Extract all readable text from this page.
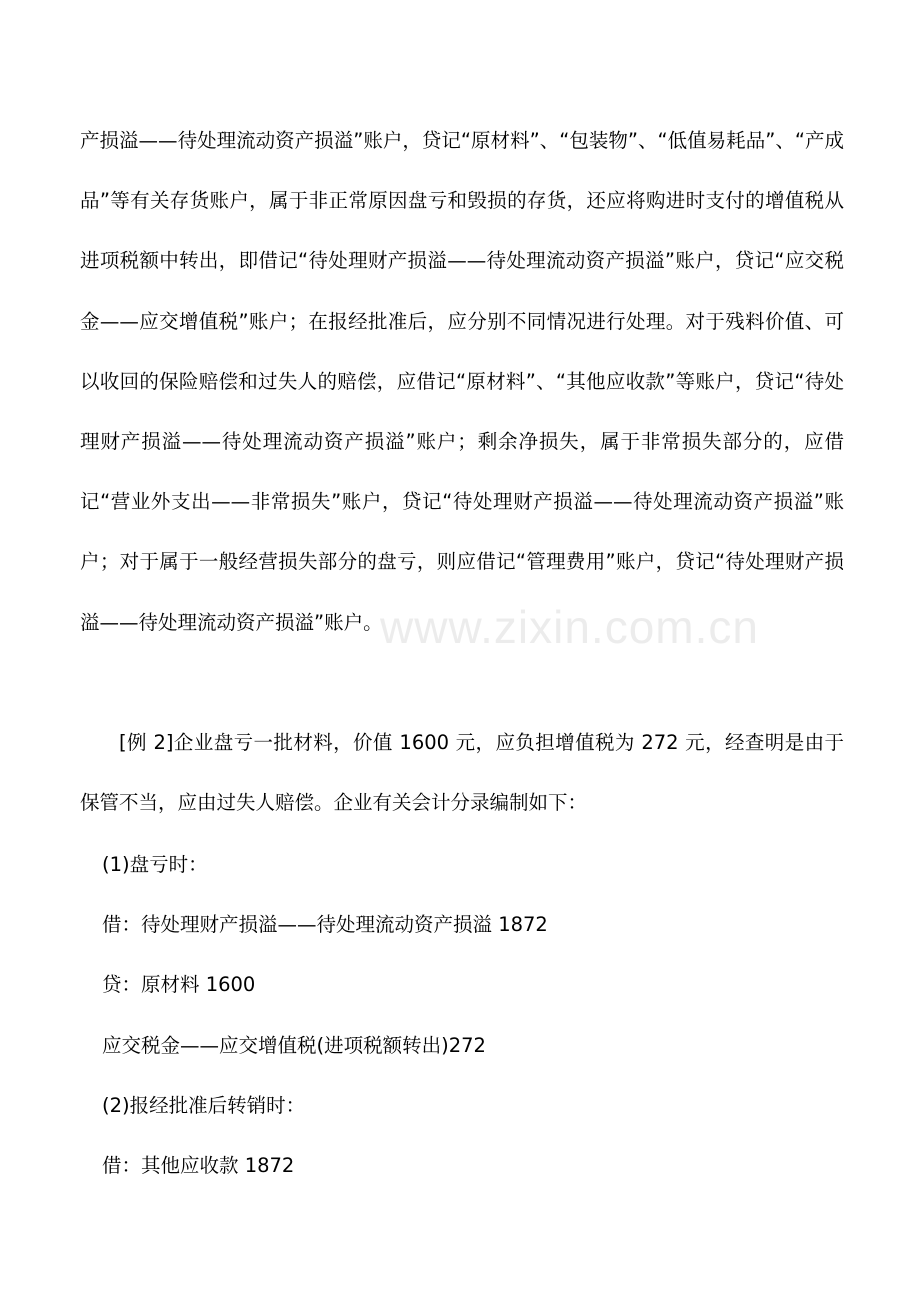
www.zixin.com.cn

产损溢——待处理流动资产损溢”账户，贷记“原材料”、“包装物”、“低值易耗品”、“产成品”等有关存货账户，属于非正常原因盘亏和毁损的存货，还应将购进时支付的增值税从进项税额中转出，即借记“待处理财产损溢——待处理流动资产损溢”账户，贷记“应交税金——应交增值税”账户；在报经批准后，应分别不同情况进行处理。对于残料价值、可以收回的保险赔偿和过失人的赔偿，应借记“原材料”、“其他应收款”等账户，贷记“待处理财产损溢——待处理流动资产损溢”账户；剩余净损失，属于非常损失部分的，应借记“营业外支出——非常损失”账户，贷记“待处理财产损溢——待处理流动资产损溢”账户；对于属于一般经营损失部分的盘亏，则应借记“管理费用”账户，贷记“待处理财产损溢——待处理流动资产损溢”账户。

[例 2]企业盘亏一批材料，价值 1600 元，应负担增值税为 272 元，经查明是由于保管不当，应由过失人赔偿。企业有关会计分录编制如下：

(1)盘亏时：

借：待处理财产损溢——待处理流动资产损溢 1872

贷：原材料 1600

应交税金——应交增值税(进项税额转出)272

(2)报经批准后转销时：

借：其他应收款 1872
